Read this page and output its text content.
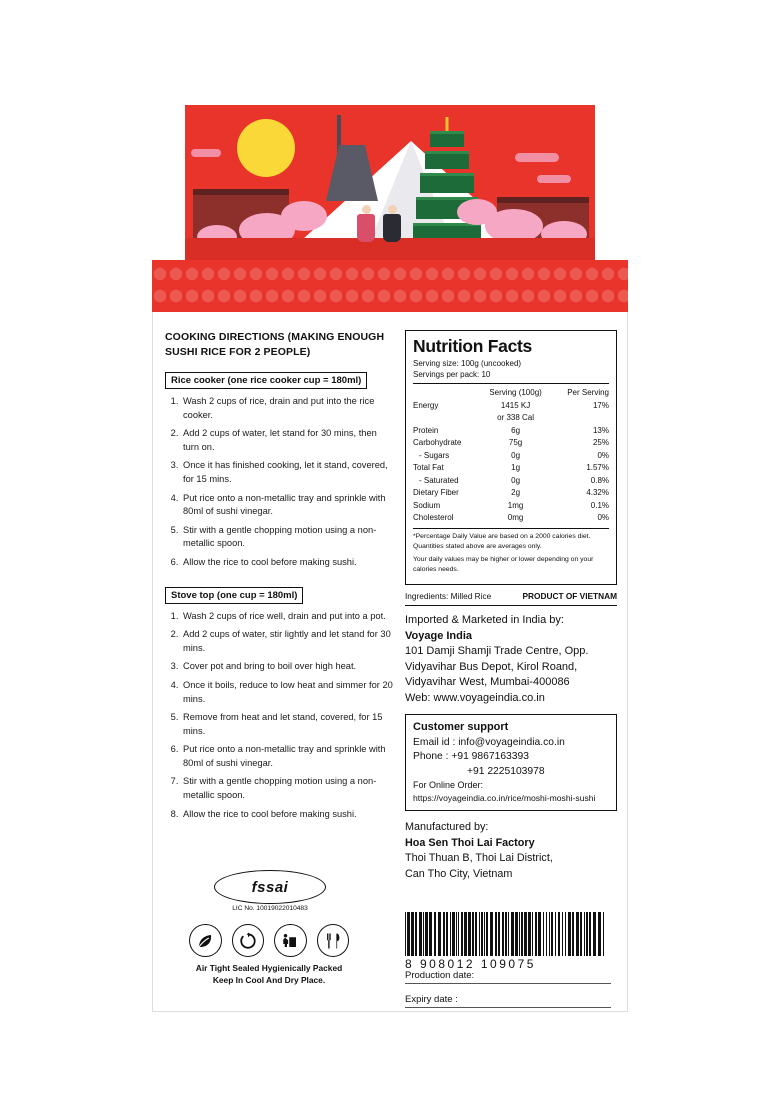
COOKING DIRECTIONS (MAKING ENOUGH SUSHI RICE FOR 2 PEOPLE)
Rice cooker (one rice cooker cup = 180ml)
1. Wash 2 cups of rice, drain and put into the rice cooker.
2. Add 2 cups of water, let stand for 30 mins, then turn on.
3. Once it has finished cooking, let it stand, covered, for 15 mins.
4. Put rice onto a non-metallic tray and sprinkle with 80ml of sushi vinegar.
5. Stir with a gentle chopping motion using a non-metallic spoon.
6. Allow the rice to cool before making sushi.
Stove top (one cup = 180ml)
1. Wash 2 cups of rice well, drain and put into a pot.
2. Add 2 cups of water, stir lightly and let stand for 30 mins.
3. Cover pot and bring to boil over high heat.
4. Once it boils, reduce to low heat and simmer for 20 mins.
5. Remove from heat and let stand, covered, for 15 mins.
6. Put rice onto a non-metallic tray and sprinkle with 80ml of sushi vinegar.
7. Stir with a gentle chopping motion using a non-metallic spoon.
8. Allow the rice to cool before making sushi.
fssai
LIC No. 10019022010483
Air Tight Sealed Hygienically Packed
Keep In Cool And Dry Place.
Nutrition Facts
Serving size: 100g (uncooked)
Servings per pack: 10
	Serving (100g)	Per Serving
Energy	1415 KJ	17%
	or 338 Cal	
Protein	6g	13%
Carbohydrate	75g	25%
- Sugars	0g	0%
Total Fat	1g	1.57%
- Saturated	0g	0.8%
Dietary Fiber	2g	4.32%
Sodium	1mg	0.1%
Cholesterol	0mg	0%

*Percentage Daily Value are based on a 2000 calories diet. Quantities stated above are averages only.

Your daily values may be higher or lower depending on your calories needs.

Ingredients: Milled Rice	PRODUCT OF VIETNAM
Imported & Marketed in India by:
Voyage India
101 Damji Shamji Trade Centre, Opp.
Vidyavihar Bus Depot, Kirol Roand,
Vidyavihar West, Mumbai-400086
Web: www.voyageindia.co.in
Customer support
Email id : info@voyageindia.co.in
Phone : +91 9867163393
+91 2225103978
For Online Order:
https://voyageindia.co.in/rice/moshi-moshi-sushi
Manufactured by:
Hoa Sen Thoi Lai Factory
Thoi Thuan B, Thoi Lai District,
Can Tho City, Vietnam
8 908012 109075
Production date:
Expiry date :
